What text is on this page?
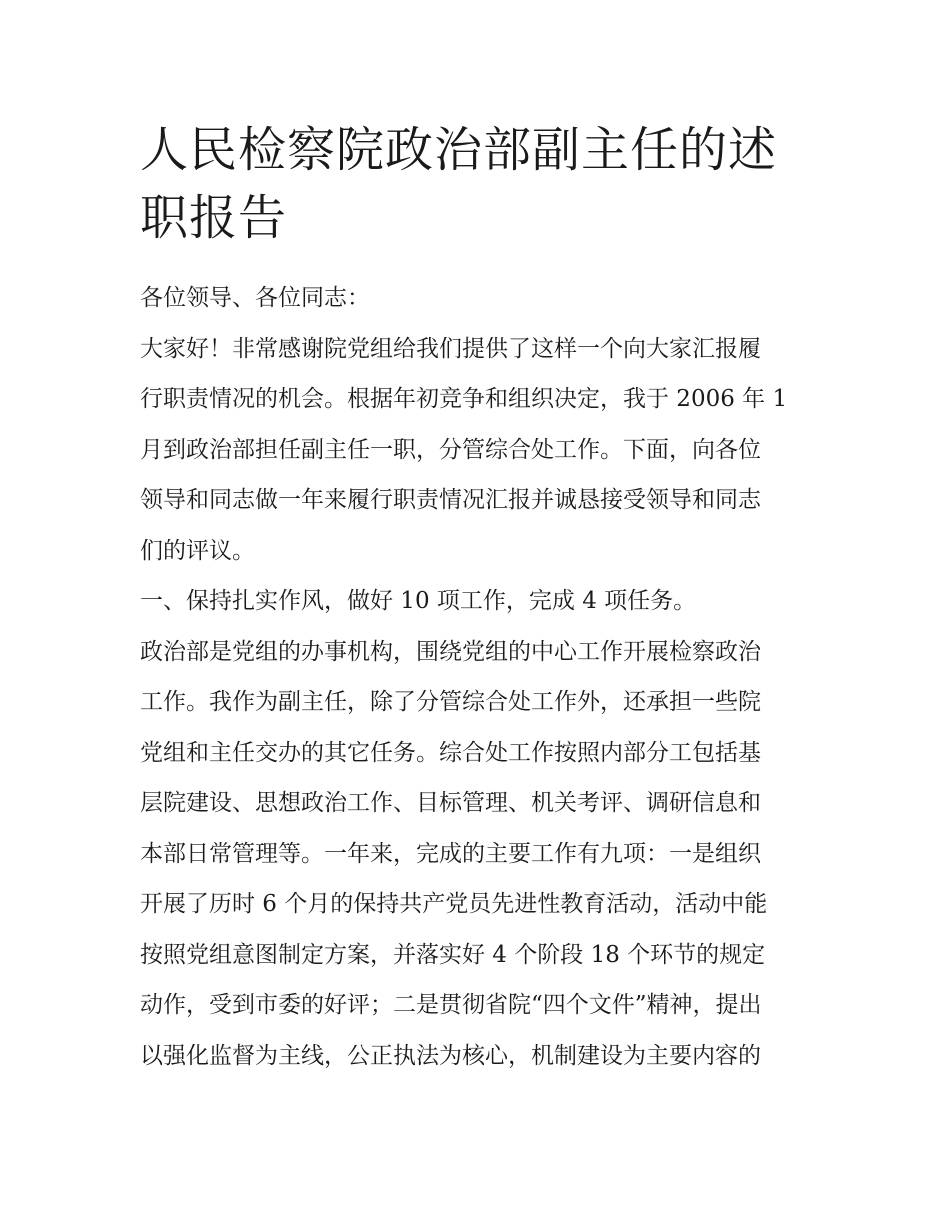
人民检察院政治部副主任的述
职报告

各位领导、各位同志：

大家好！非常感谢院党组给我们提供了这样一个向大家汇报履

行职责情况的机会。根据年初竞争和组织决定，我于 2006 年 1

月到政治部担任副主任一职，分管综合处工作。下面，向各位

领导和同志做一年来履行职责情况汇报并诚恳接受领导和同志

们的评议。

一、保持扎实作风，做好 10 项工作，完成 4 项任务。

政治部是党组的办事机构，围绕党组的中心工作开展检察政治

工作。我作为副主任，除了分管综合处工作外，还承担一些院

党组和主任交办的其它任务。综合处工作按照内部分工包括基

层院建设、思想政治工作、目标管理、机关考评、调研信息和

本部日常管理等。一年来，完成的主要工作有九项：一是组织

开展了历时 6 个月的保持共产党员先进性教育活动，活动中能

按照党组意图制定方案，并落实好 4 个阶段 18 个环节的规定

动作，受到市委的好评；二是贯彻省院“四个文件”精神，提出

以强化监督为主线，公正执法为核心，机制建设为主要内容的
